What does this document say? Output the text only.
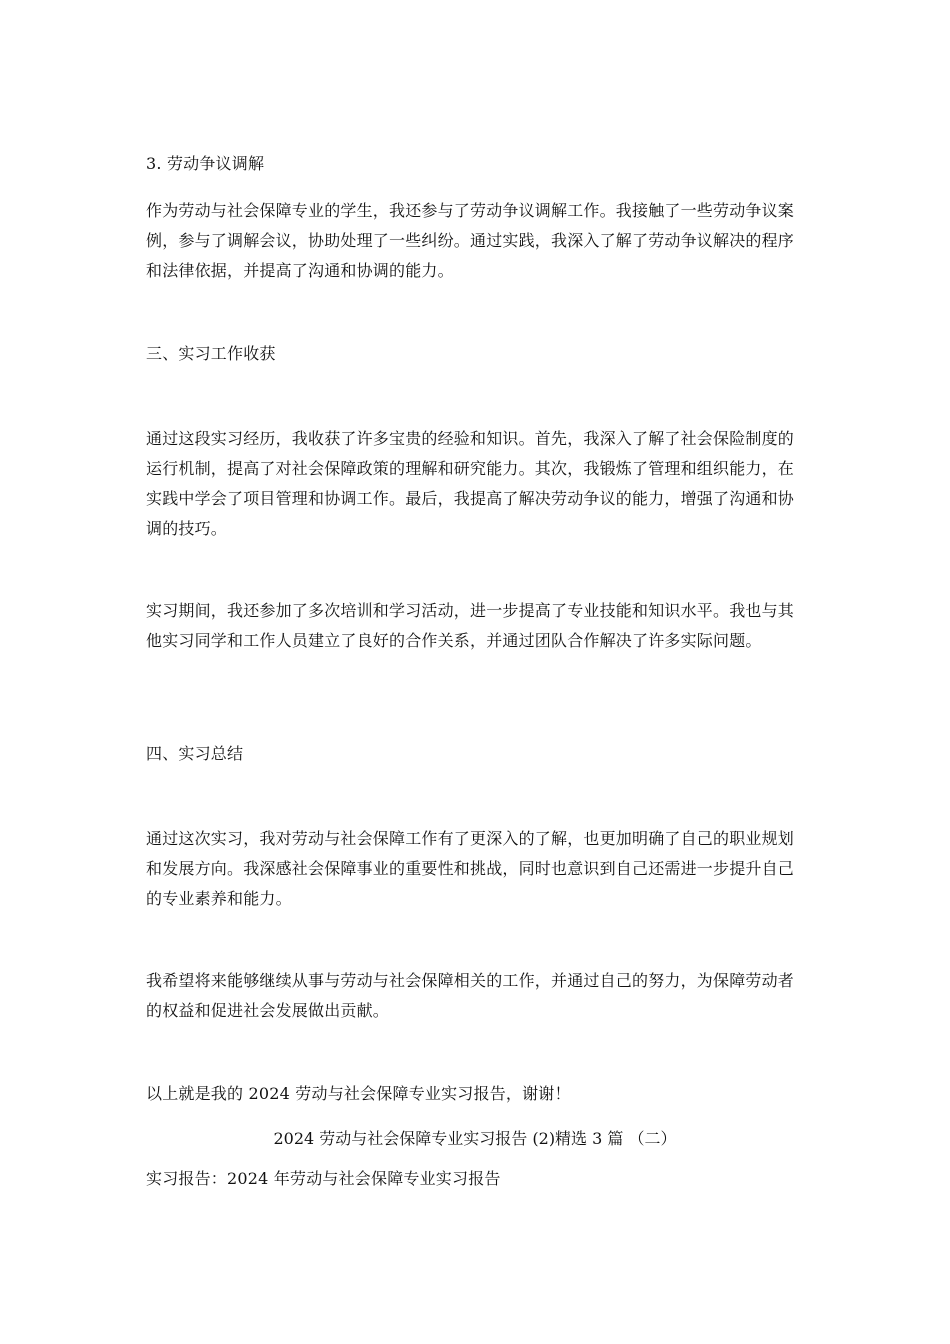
3. 劳动争议调解

作为劳动与社会保障专业的学生，我还参与了劳动争议调解工作。我接触了一些劳动争议案例，参与了调解会议，协助处理了一些纠纷。通过实践，我深入了解了劳动争议解决的程序和法律依据，并提高了沟通和协调的能力。

三、实习工作收获

通过这段实习经历，我收获了许多宝贵的经验和知识。首先，我深入了解了社会保险制度的运行机制，提高了对社会保障政策的理解和研究能力。其次，我锻炼了管理和组织能力，在实践中学会了项目管理和协调工作。最后，我提高了解决劳动争议的能力，增强了沟通和协调的技巧。

实习期间，我还参加了多次培训和学习活动，进一步提高了专业技能和知识水平。我也与其他实习同学和工作人员建立了良好的合作关系，并通过团队合作解决了许多实际问题。

四、实习总结

通过这次实习，我对劳动与社会保障工作有了更深入的了解，也更加明确了自己的职业规划和发展方向。我深感社会保障事业的重要性和挑战，同时也意识到自己还需进一步提升自己的专业素养和能力。

我希望将来能够继续从事与劳动与社会保障相关的工作，并通过自己的努力，为保障劳动者的权益和促进社会发展做出贡献。

以上就是我的 2024 劳动与社会保障专业实习报告，谢谢！

2024 劳动与社会保障专业实习报告 (2)精选 3 篇 （二）

实习报告：2024 年劳动与社会保障专业实习报告
